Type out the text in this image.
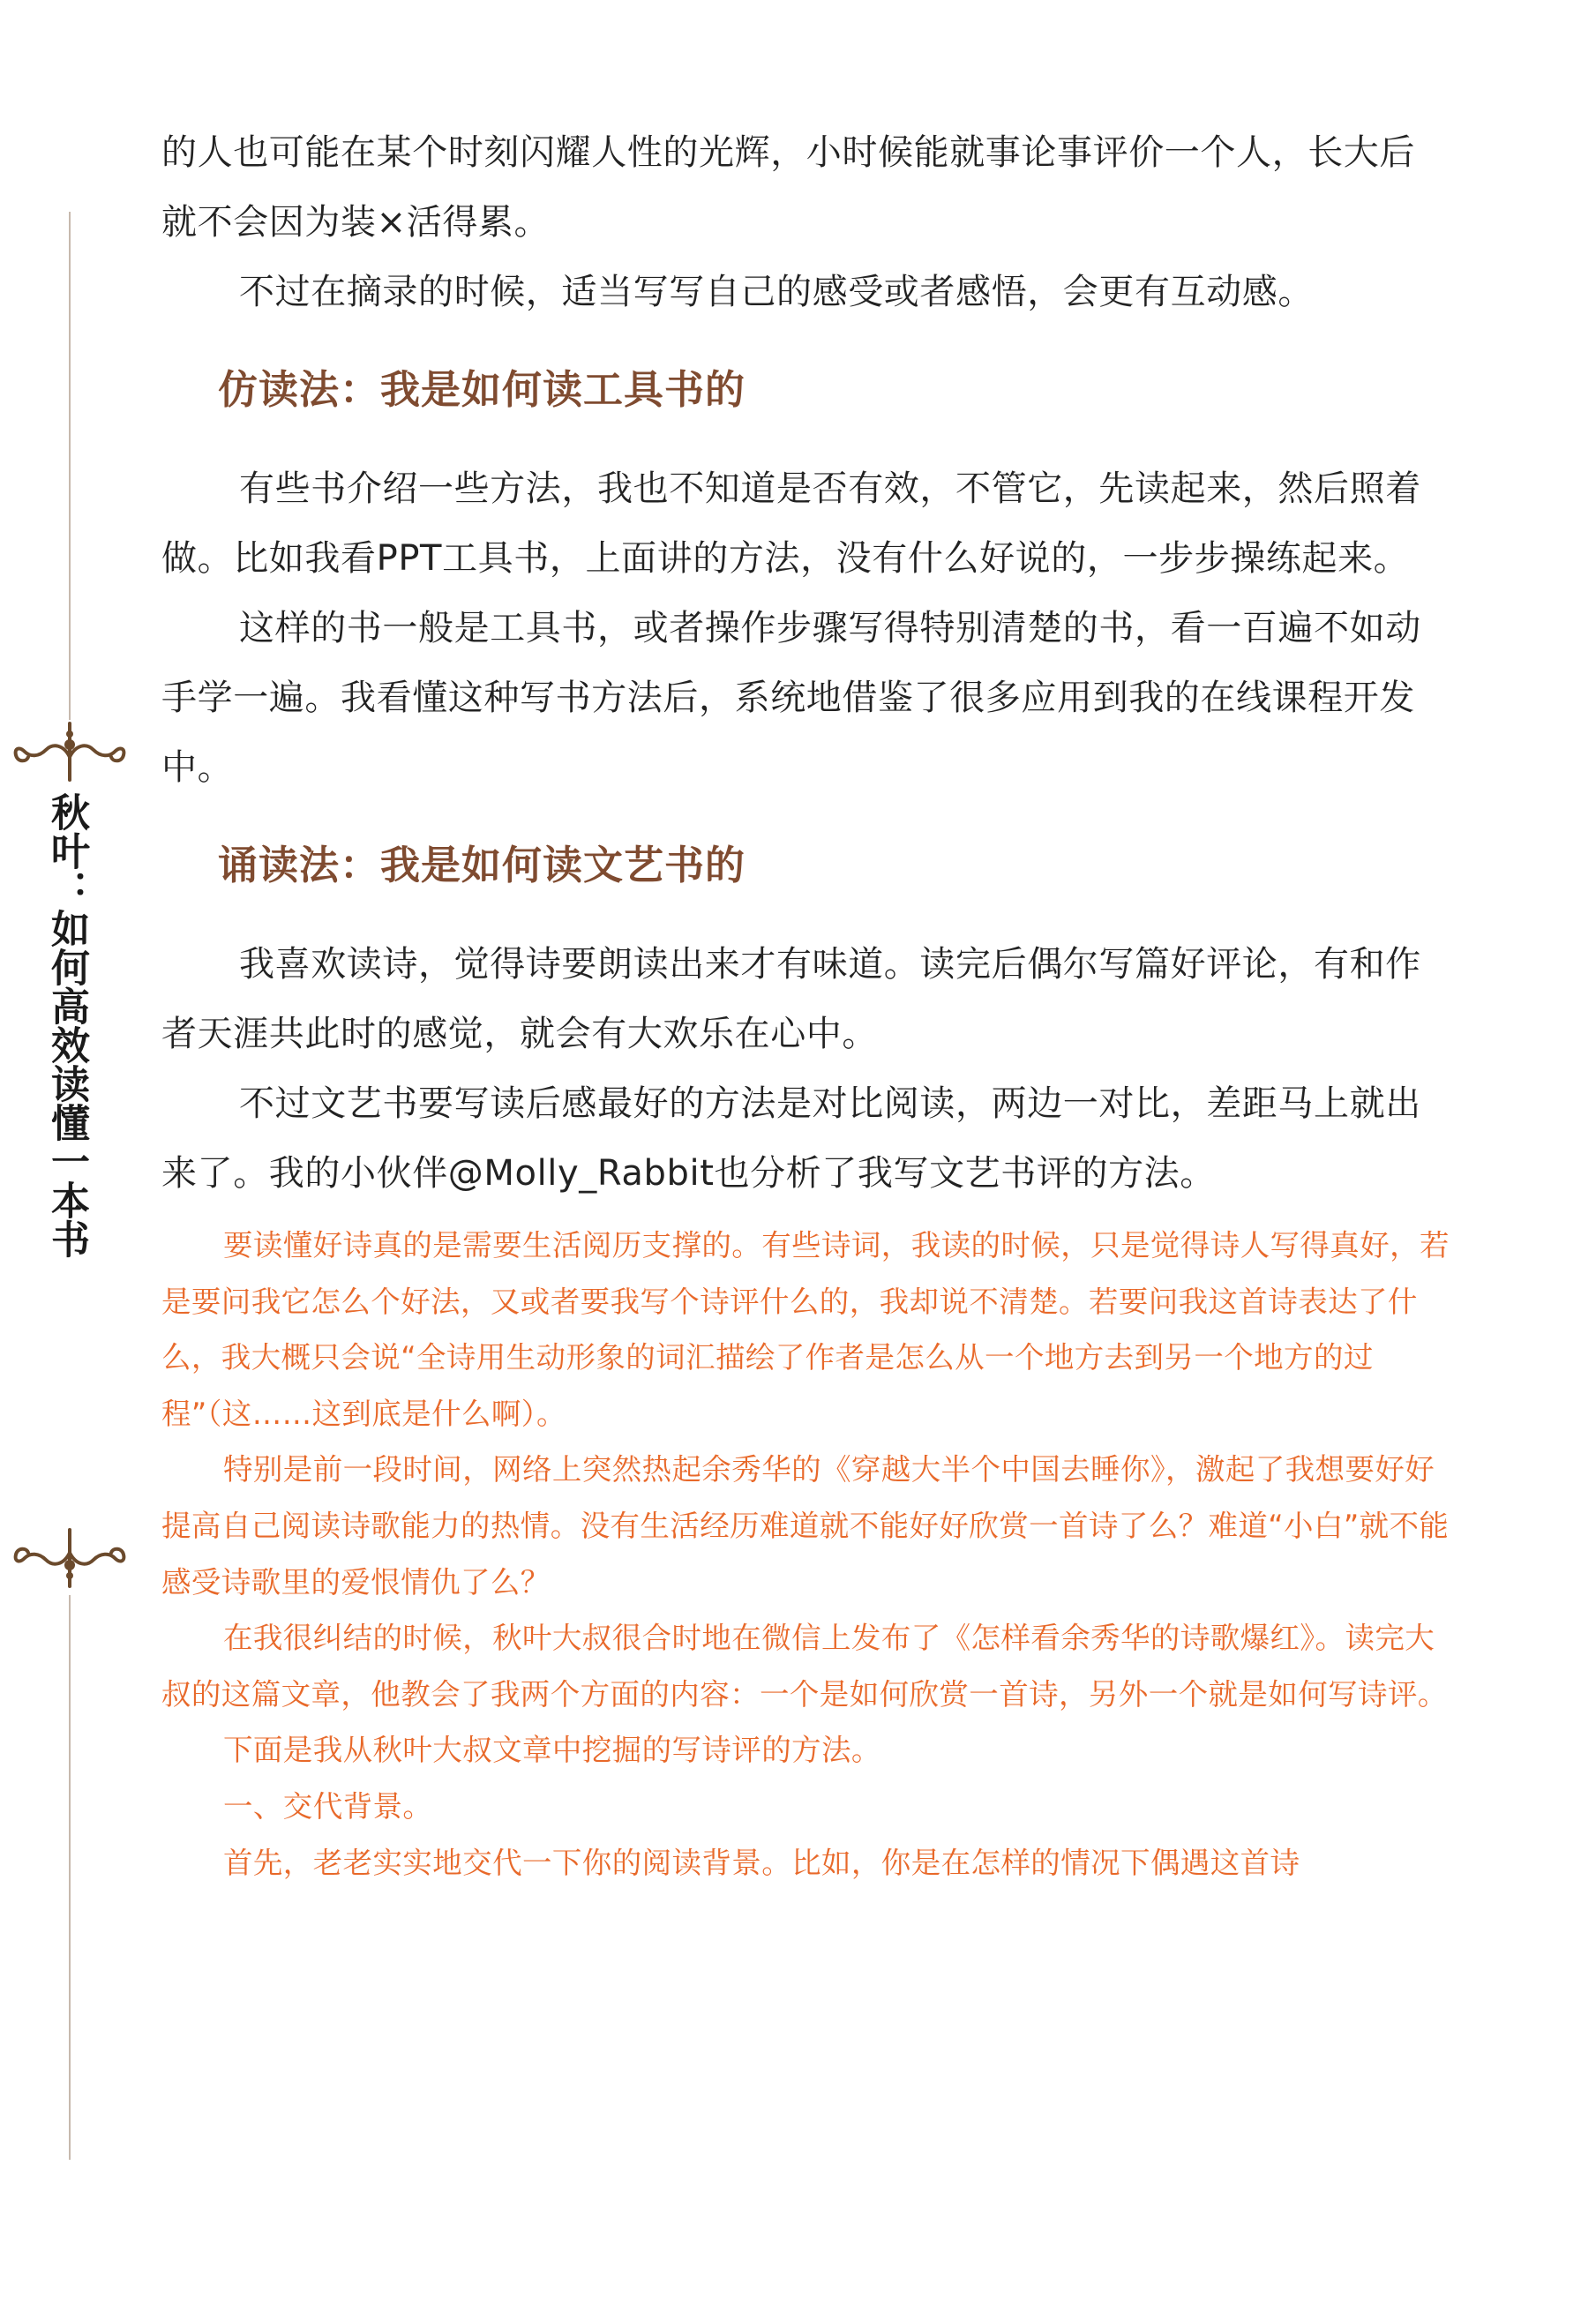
秋叶：如何高效读懂一本书

的人也可能在某个时刻闪耀人性的光辉，小时候能就事论事评价一个人，长大后就不会因为装×活得累。

不过在摘录的时候，适当写写自己的感受或者感悟，会更有互动感。

仿读法：我是如何读工具书的

有些书介绍一些方法，我也不知道是否有效，不管它，先读起来，然后照着做。比如我看PPT工具书，上面讲的方法，没有什么好说的，一步步操练起来。

这样的书一般是工具书，或者操作步骤写得特别清楚的书，看一百遍不如动手学一遍。我看懂这种写书方法后，系统地借鉴了很多应用到我的在线课程开发中。

诵读法：我是如何读文艺书的

我喜欢读诗，觉得诗要朗读出来才有味道。读完后偶尔写篇好评论，有和作者天涯共此时的感觉，就会有大欢乐在心中。

不过文艺书要写读后感最好的方法是对比阅读，两边一对比，差距马上就出来了。我的小伙伴@Molly_Rabbit也分析了我写文艺书评的方法。

要读懂好诗真的是需要生活阅历支撑的。有些诗词，我读的时候，只是觉得诗人写得真好，若是要问我它怎么个好法，又或者要我写个诗评什么的，我却说不清楚。若要问我这首诗表达了什么，我大概只会说“全诗用生动形象的词汇描绘了作者是怎么从一个地方去到另一个地方的过程”（这……这到底是什么啊）。

特别是前一段时间，网络上突然热起余秀华的《穿越大半个中国去睡你》，激起了我想要好好提高自己阅读诗歌能力的热情。没有生活经历难道就不能好好欣赏一首诗了么？难道“小白”就不能感受诗歌里的爱恨情仇了么？

在我很纠结的时候，秋叶大叔很合时地在微信上发布了《怎样看余秀华的诗歌爆红》。读完大叔的这篇文章，他教会了我两个方面的内容：一个是如何欣赏一首诗，另外一个就是如何写诗评。

下面是我从秋叶大叔文章中挖掘的写诗评的方法。

一、交代背景。

首先，老老实实地交代一下你的阅读背景。比如，你是在怎样的情况下偶遇这首诗
